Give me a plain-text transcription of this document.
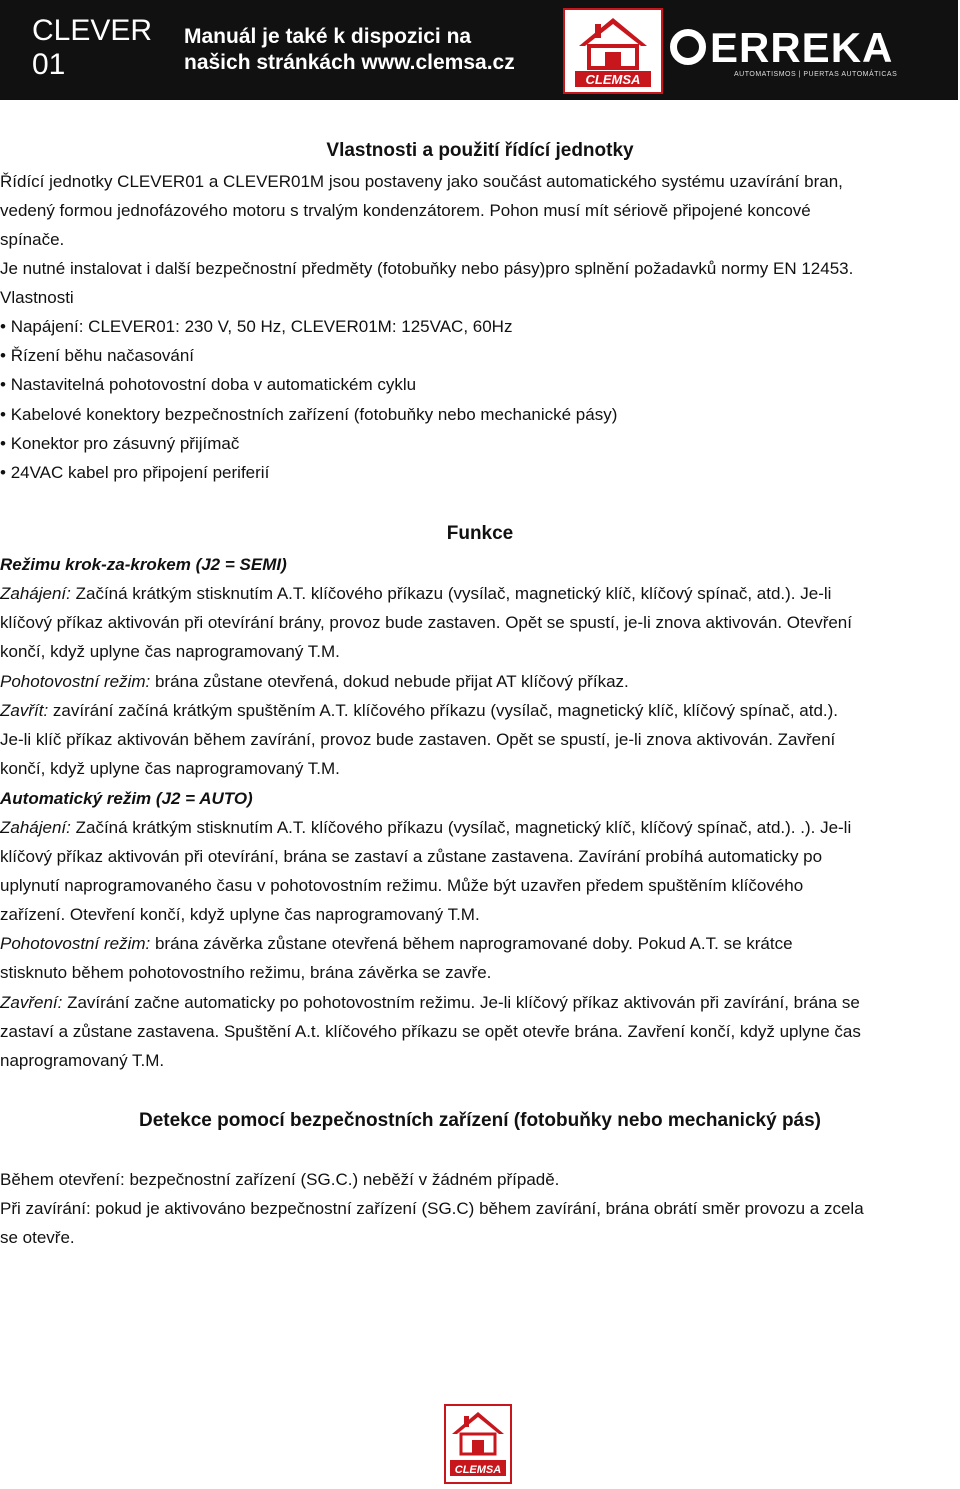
CLEVER
01
Manuál je také k dispozici na
našich stránkách www.clemsa.cz
CLEMSA
ERREKA
AUTOMATISMOS | PUERTAS AUTOMÁTICAS
Vlastnosti a použití řídící jednotky
Řídící jednotky CLEVER01 a CLEVER01M jsou postaveny jako součást automatického systému uzavírání bran,
vedený formou jednofázového motoru s trvalým kondenzátorem. Pohon musí mít sériově připojené koncové
spínače.
Je nutné instalovat i další bezpečnostní předměty (fotobuňky nebo pásy)pro splnění požadavků normy EN 12453.
Vlastnosti
• Napájení: CLEVER01: 230 V, 50 Hz, CLEVER01M: 125VAC, 60Hz
• Řízení běhu načasování
• Nastavitelná pohotovostní doba v automatickém cyklu
• Kabelové konektory bezpečnostních zařízení (fotobuňky nebo mechanické pásy)
• Konektor pro zásuvný přijímač
• 24VAC kabel pro připojení periferií
Funkce
Režimu krok-za-krokem (J2 = SEMI)
Zahájení: Začíná krátkým stisknutím A.T. klíčového příkazu (vysílač, magnetický klíč, klíčový spínač, atd.). Je-li
klíčový příkaz aktivován při otevírání brány, provoz bude zastaven. Opět se spustí, je-li znova aktivován. Otevření
končí, když uplyne čas naprogramovaný T.M.
Pohotovostní režim: brána zůstane otevřená, dokud nebude přijat AT klíčový příkaz.
Zavřít: zavírání začíná krátkým spuštěním A.T. klíčového příkazu (vysílač, magnetický klíč, klíčový spínač, atd.).
Je-li klíč příkaz aktivován během zavírání, provoz bude zastaven. Opět se spustí, je-li znova aktivován. Zavření
končí, když uplyne čas naprogramovaný T.M.
Automatický režim (J2 = AUTO)
Zahájení: Začíná krátkým stisknutím A.T. klíčového příkazu (vysílač, magnetický klíč, klíčový spínač, atd.). .). Je-li
klíčový příkaz aktivován při otevírání, brána se zastaví a zůstane zastavena. Zavírání probíhá automaticky po
uplynutí naprogramovaného času v pohotovostním režimu. Může být uzavřen předem spuštěním klíčového
zařízení. Otevření končí, když uplyne čas naprogramovaný T.M.
Pohotovostní režim: brána závěrka zůstane otevřená během naprogramované doby. Pokud A.T. se krátce
stisknuto během pohotovostního režimu, brána závěrka se zavře.
Zavření: Zavírání začne automaticky po pohotovostním režimu. Je-li klíčový příkaz aktivován při zavírání, brána se
zastaví a zůstane zastavena. Spuštění A.t. klíčového příkazu se opět otevře brána. Zavření končí, když uplyne čas
naprogramovaný T.M.
Detekce pomocí bezpečnostních zařízení (fotobuňky nebo mechanický pás)
Během otevření: bezpečnostní zařízení (SG.C.) neběží v žádném případě.
Při zavírání: pokud je aktivováno bezpečnostní zařízení (SG.C) během zavírání, brána obrátí směr provozu a zcela
se otevře.
CLEMSA
